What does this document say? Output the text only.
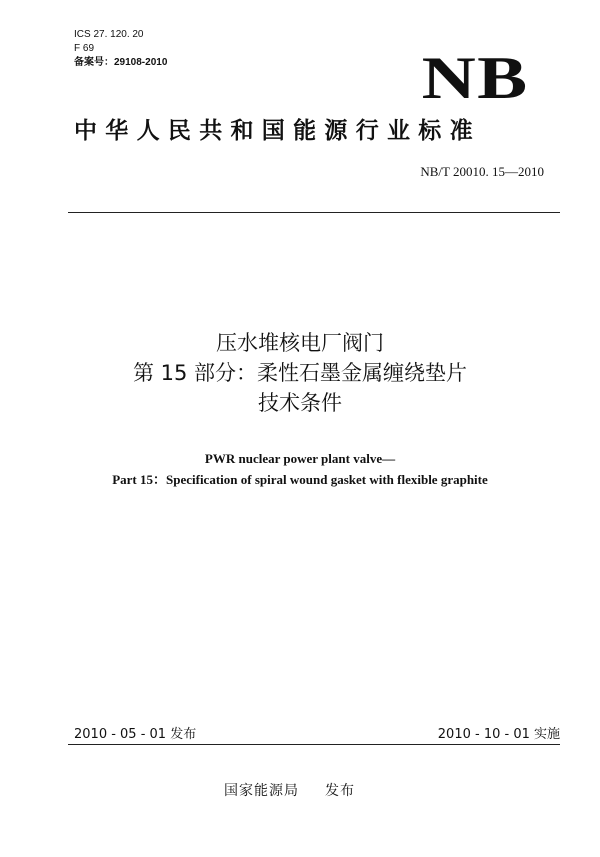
ICS 27. 120. 20
F 69
备案号：29108-2010	NB
中华人民共和国能源行业标准
NB/T 20010. 15—2010
压水堆核电厂阀门
第 15 部分：柔性石墨金属缠绕垫片
技术条件
PWR nuclear power plant valve—
Part 15：Specification of spiral wound gasket with flexible graphite
2010 - 05 - 01 发布	2010 - 10 - 01 实施
国家能源局 发布
